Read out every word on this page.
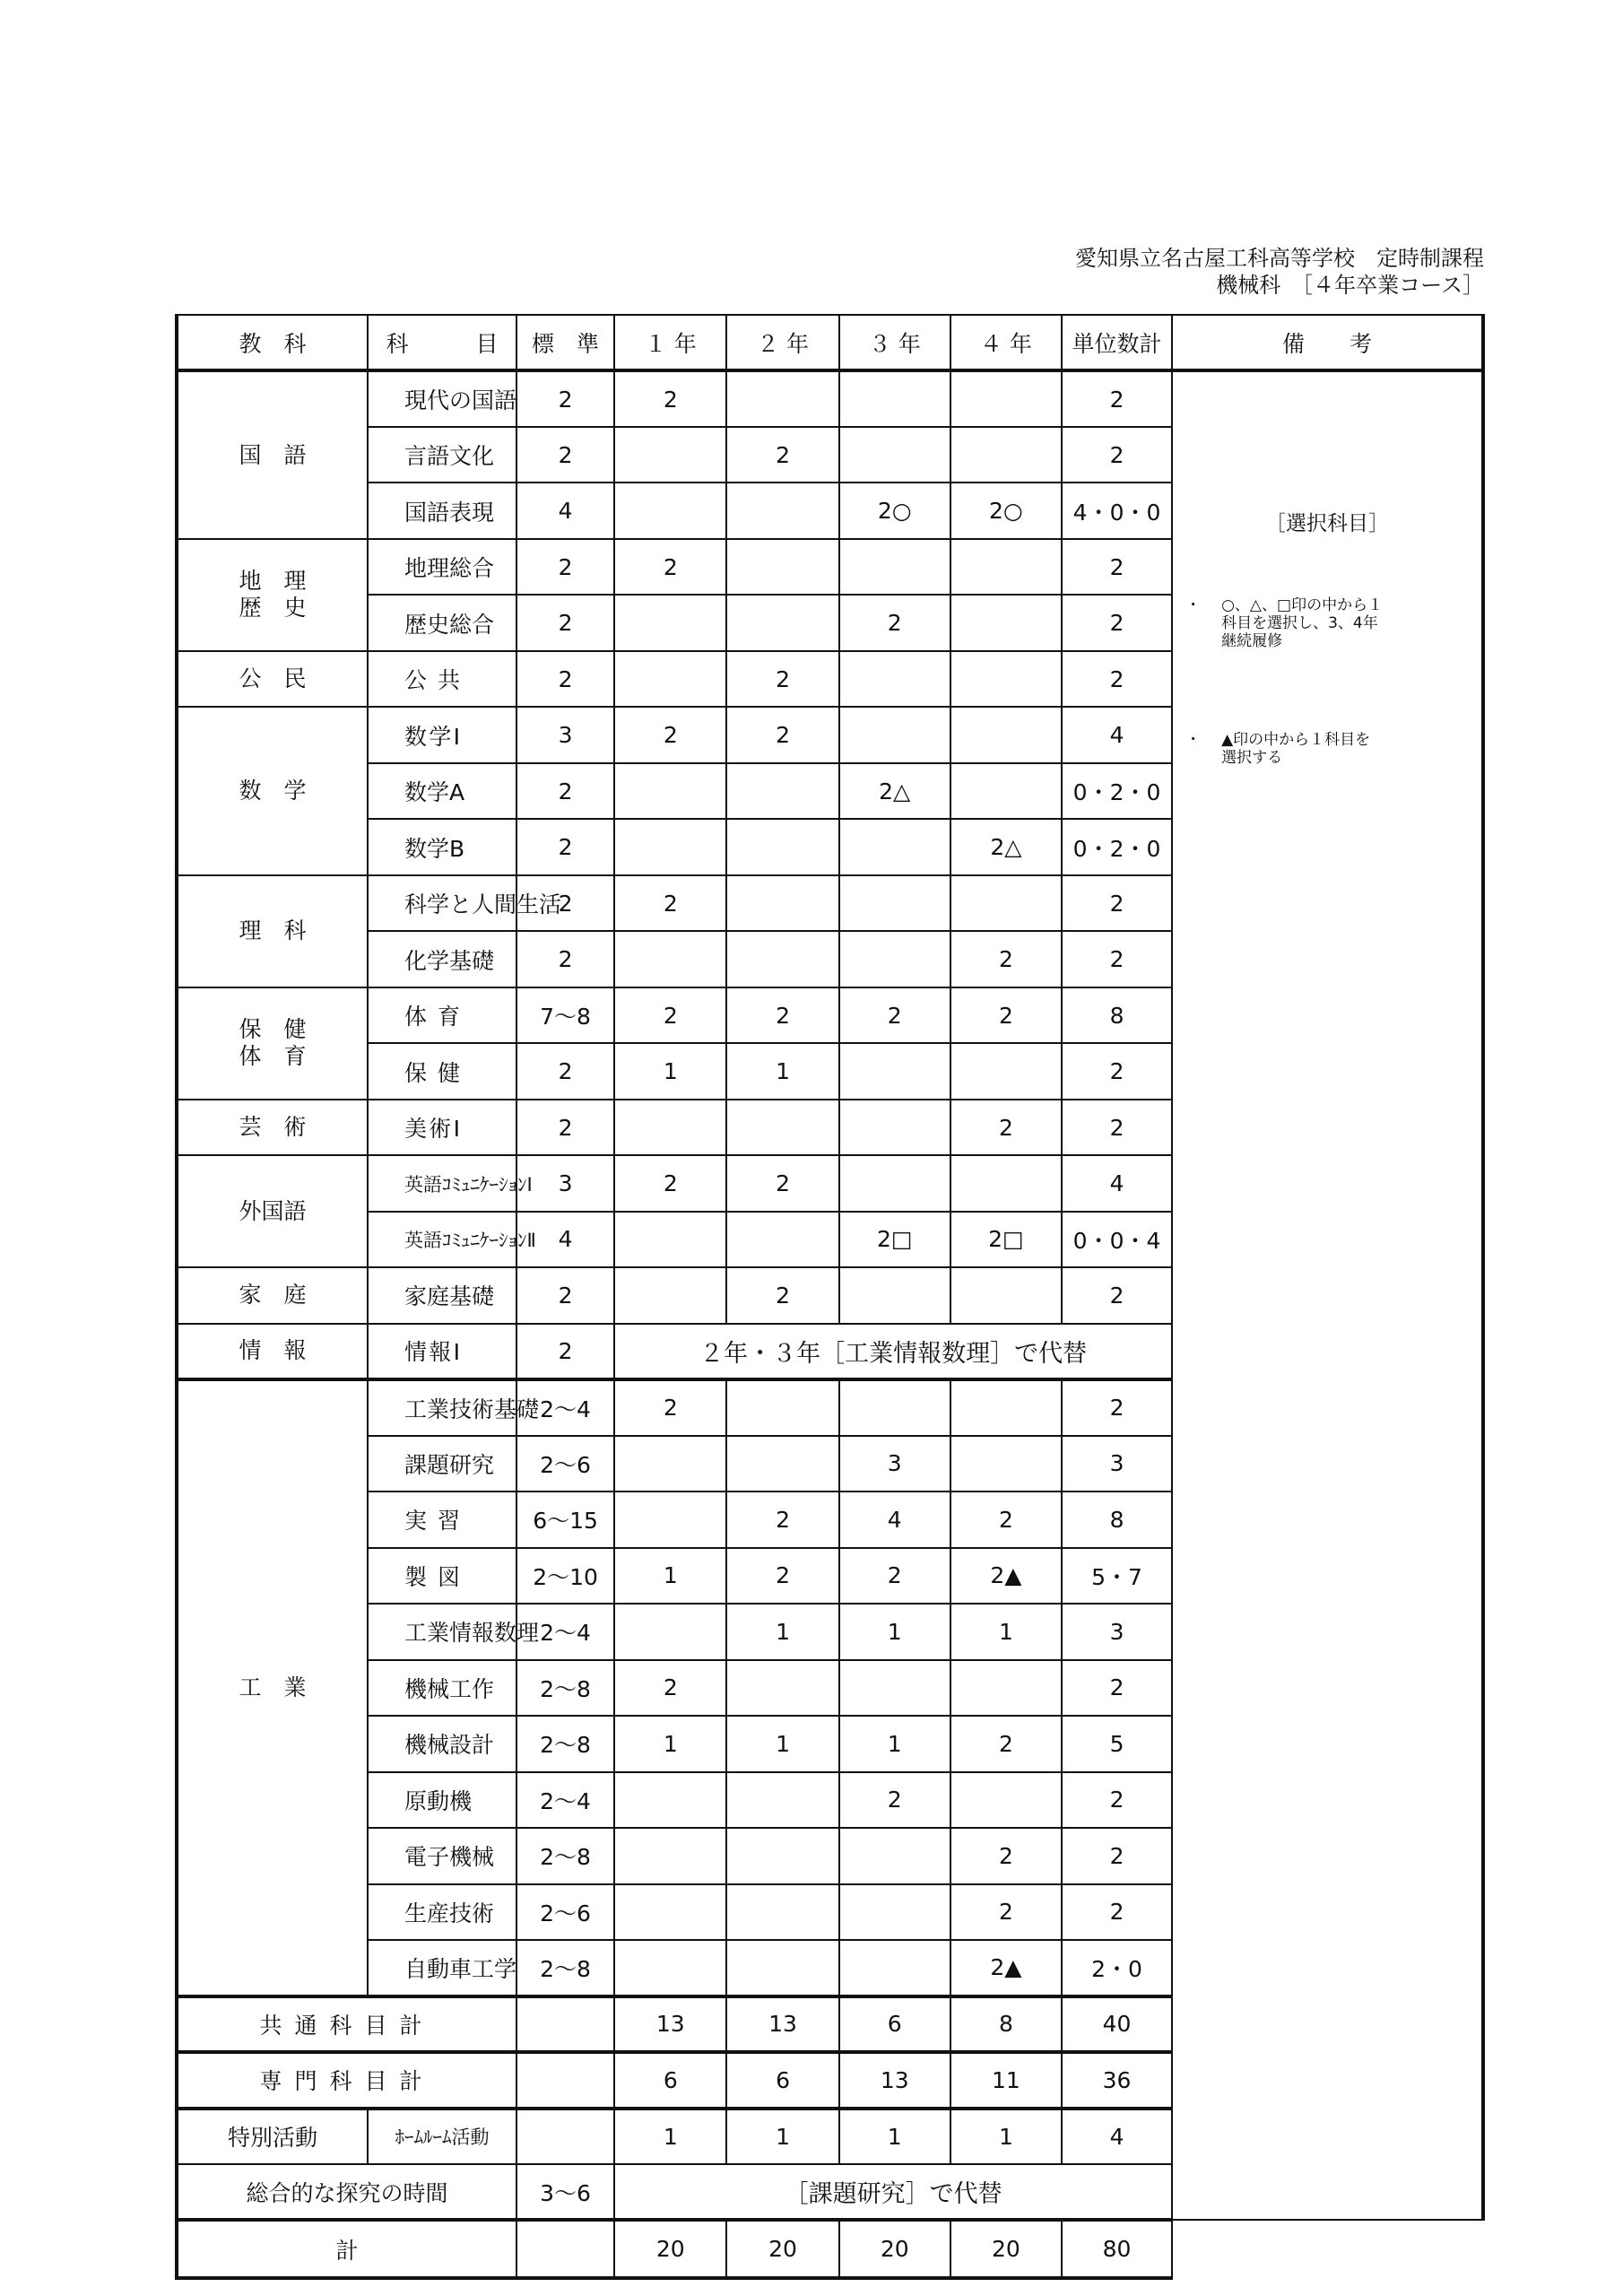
愛知県立名古屋工科高等学校　定時制課程
機械科　［４年卒業コース］
教　科	科　　　目	標　準	１ 年	２ 年	３ 年	４ 年	単位数計	備　　考
国　語	現代の国語	2	2				2	［選択科目］
・ ○、△、□印の中から１科目を選択し、3、4年継続履修
・ ▲印の中から１科目を選択する

	言語文化	2		2			2	
	国語表現	4			2○	2○	4・0・0	
地　理
歴　史	地理総合	2	2				2	
	歴史総合	2			2		2	
公　民	公共	2		2			2	
数　学	数学Ⅰ	3	2	2			4	
	数学A	2			2△		0・2・0	
	数学B	2				2△	0・2・0	
理　科	科学と人間生活	2	2				2	
	化学基礎	2				2	2	
保　健
体　育	体育	7～8	2	2	2	2	8	
	保健	2	1	1			2	
芸　術	美術Ⅰ	2				2	2	
外国語	英語ｺﾐｭﾆｹｰｼｮﾝⅠ	3	2	2			4	
	英語ｺﾐｭﾆｹｰｼｮﾝⅡ	4			2□	2□	0・0・4	
家　庭	家庭基礎	2		2			2	
情　報	情報Ⅰ	2	２年・３年［工業情報数理］で代替					
工　業	工業技術基礎	2～4	2				2	
	課題研究	2～6			3		3	
	実習	6～15		2	4	2	8	
	製図	2～10	1	2	2	2▲	5・7	
	工業情報数理	2～4		1	1	1	3	
	機械工作	2～8	2				2	
	機械設計	2～8	1	1	1	2	5	
	原動機	2～4			2		2	
	電子機械	2～8				2	2	
	生産技術	2～6				2	2	
	自動車工学	2～8				2▲	2・0	
共通科目計			13	13	6	8	40	
専門科目計			6	6	13	11	36	
特別活動	ﾎｰﾑﾙｰﾑ活動		1	1	1	1	4	
総合的な探究の時間		3～6	［課題研究］で代替					
計			20	20	20	20	80	
